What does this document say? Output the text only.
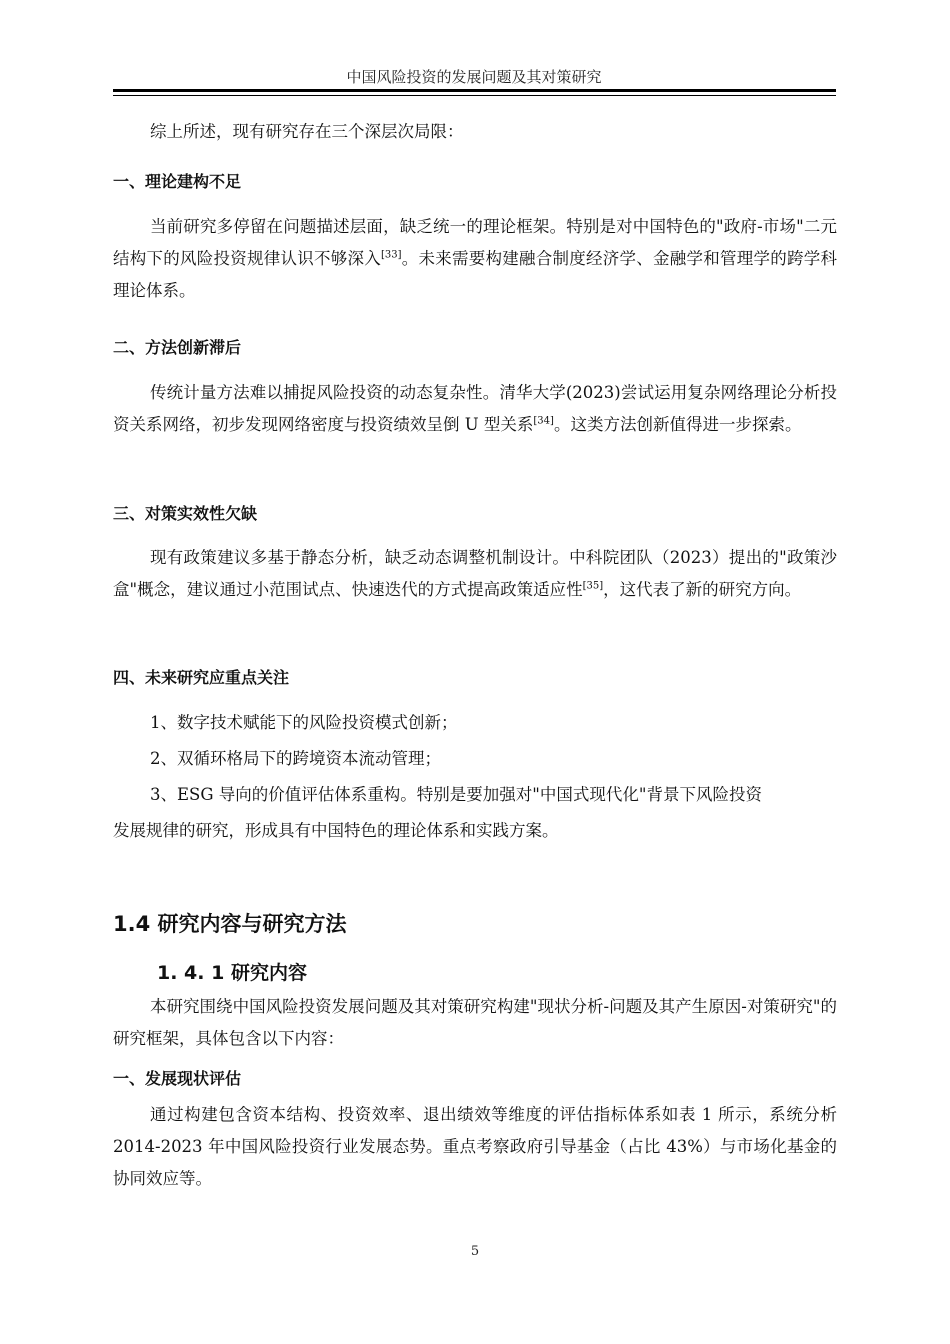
中国风险投资的发展问题及其对策研究
综上所述，现有研究存在三个深层次局限：
一、理论建构不足
当前研究多停留在问题描述层面，缺乏统一的理论框架。特别是对中国特色的"政府-市场"二元结构下的风险投资规律认识不够深入[33]。未来需要构建融合制度经济学、金融学和管理学的跨学科理论体系。
二、方法创新滞后
传统计量方法难以捕捉风险投资的动态复杂性。清华大学(2023)尝试运用复杂网络理论分析投资关系网络，初步发现网络密度与投资绩效呈倒 U 型关系[34]。这类方法创新值得进一步探索。
三、对策实效性欠缺
现有政策建议多基于静态分析，缺乏动态调整机制设计。中科院团队（2023）提出的"政策沙盒"概念，建议通过小范围试点、快速迭代的方式提高政策适应性[35]，这代表了新的研究方向。
四、未来研究应重点关注
1、数字技术赋能下的风险投资模式创新；
2、双循环格局下的跨境资本流动管理；
3、ESG 导向的价值评估体系重构。特别是要加强对"中国式现代化"背景下风险投资
发展规律的研究，形成具有中国特色的理论体系和实践方案。
1.4 研究内容与研究方法
1. 4. 1 研究内容
本研究围绕中国风险投资发展问题及其对策研究构建"现状分析-问题及其产生原因-对策研究"的研究框架，具体包含以下内容：
一、发展现状评估
通过构建包含资本结构、投资效率、退出绩效等维度的评估指标体系如表 1 所示，系统分析 2014-2023 年中国风险投资行业发展态势。重点考察政府引导基金（占比 43%）与市场化基金的协同效应等。
5
